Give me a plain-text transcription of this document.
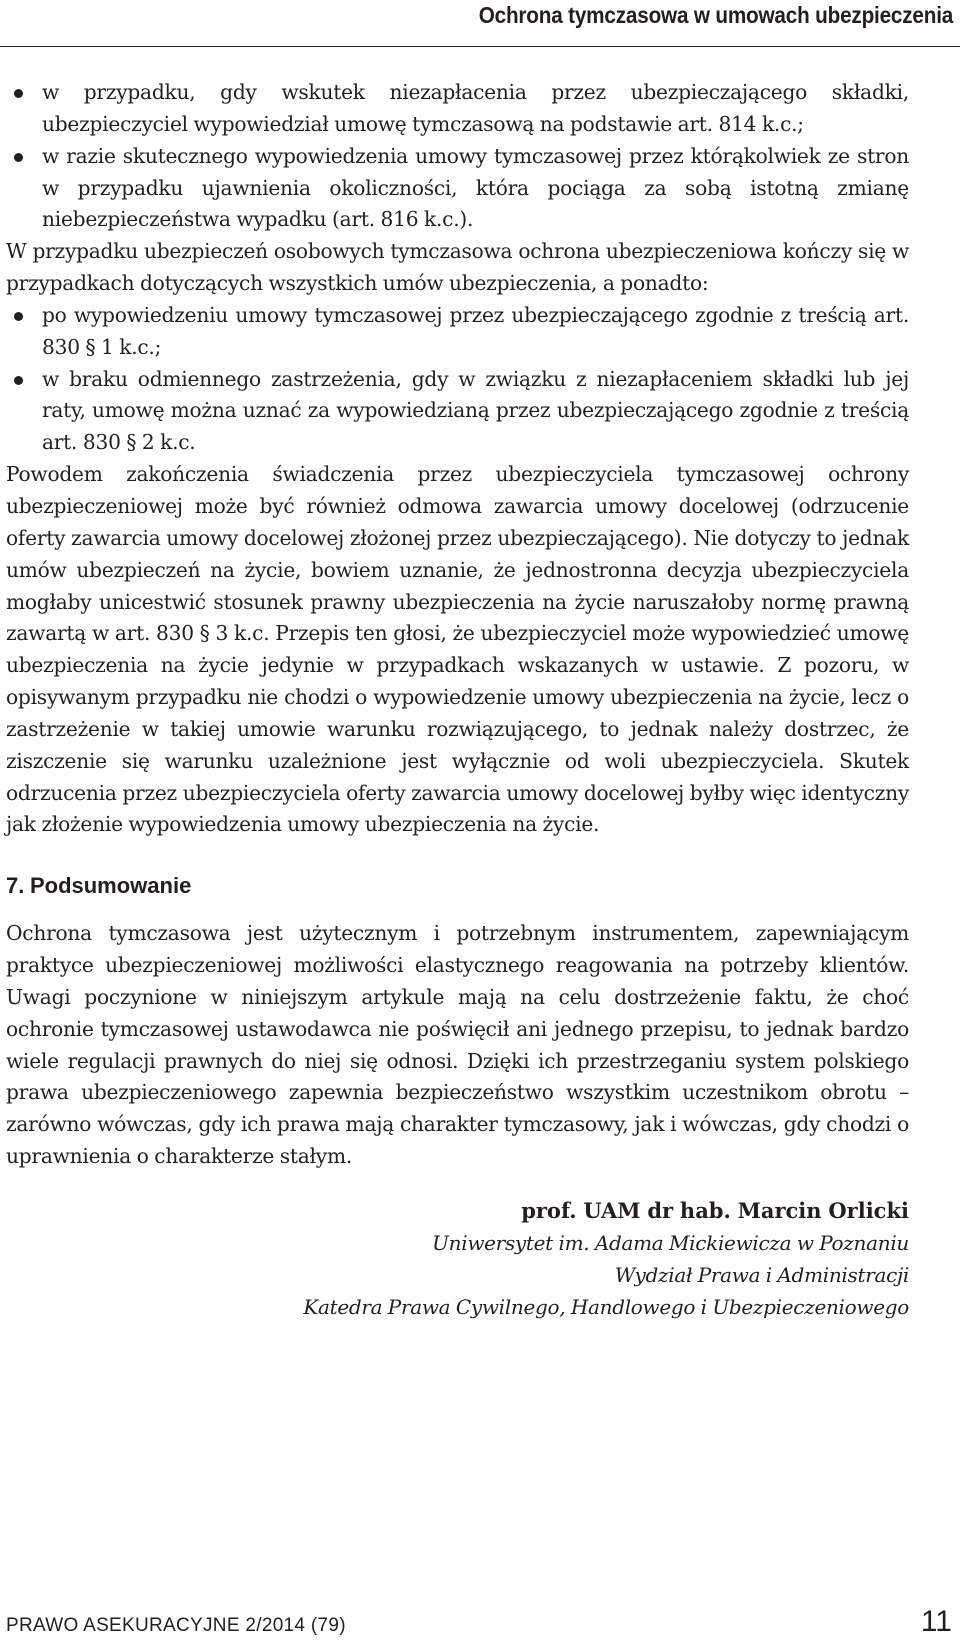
Ochrona tymczasowa w umowach ubezpieczenia
w przypadku, gdy wskutek niezapłacenia przez ubezpieczającego składki, ubezpieczyciel wypowiedział umowę tymczasową na podstawie art. 814 k.c.;
w razie skutecznego wypowiedzenia umowy tymczasowej przez którąkolwiek ze stron w przypadku ujawnienia okoliczności, która pociąga za sobą istotną zmianę niebezpieczeństwa wypadku (art. 816 k.c.).

W przypadku ubezpieczeń osobowych tymczasowa ochrona ubezpieczeniowa kończy się w przypadkach dotyczących wszystkich umów ubezpieczenia, a ponadto:

po wypowiedzeniu umowy tymczasowej przez ubezpieczającego zgodnie z treścią art. 830 § 1 k.c.;
w braku odmiennego zastrzeżenia, gdy w związku z niezapłaceniem składki lub jej raty, umowę można uznać za wypowiedzianą przez ubezpieczającego zgodnie z treścią art. 830 § 2 k.c.

Powodem zakończenia świadczenia przez ubezpieczyciela tymczasowej ochrony ubezpieczeniowej może być również odmowa zawarcia umowy docelowej (odrzucenie oferty zawarcia umowy docelowej złożonej przez ubezpieczającego). Nie dotyczy to jednak umów ubezpieczeń na życie, bowiem uznanie, że jednostronna decyzja ubezpieczyciela mogłaby unicestwić stosunek prawny ubezpieczenia na życie naruszałoby normę prawną zawartą w art. 830 § 3 k.c. Przepis ten głosi, że ubezpieczyciel może wypowiedzieć umowę ubezpieczenia na życie jedynie w przypadkach wskazanych w ustawie. Z pozoru, w opisywanym przypadku nie chodzi o wypowiedzenie umowy ubezpieczenia na życie, lecz o zastrzeżenie w takiej umowie warunku rozwiązującego, to jednak należy dostrzec, że ziszczenie się warunku uzależnione jest wyłącznie od woli ubezpieczyciela. Skutek odrzucenia przez ubezpieczyciela oferty zawarcia umowy docelowej byłby więc identyczny jak złożenie wypowiedzenia umowy ubezpieczenia na życie.

7. Podsumowanie

Ochrona tymczasowa jest użytecznym i potrzebnym instrumentem, zapewniającym praktyce ubezpieczeniowej możliwości elastycznego reagowania na potrzeby klientów. Uwagi poczynione w niniejszym artykule mają na celu dostrzeżenie faktu, że choć ochronie tymczasowej ustawodawca nie poświęcił ani jednego przepisu, to jednak bardzo wiele regulacji prawnych do niej się odnosi. Dzięki ich przestrzeganiu system polskiego prawa ubezpieczeniowego zapewnia bezpieczeństwo wszystkim uczestnikom obrotu – zarówno wówczas, gdy ich prawa mają charakter tymczasowy, jak i wówczas, gdy chodzi o uprawnienia o charakterze stałym.

prof. UAM dr hab. Marcin Orlicki
Uniwersytet im. Adama Mickiewicza w Poznaniu
Wydział Prawa i Administracji
Katedra Prawa Cywilnego, Handlowego i Ubezpieczeniowego
PRAWO ASEKURACYJNE 2/2014 (79)	11
